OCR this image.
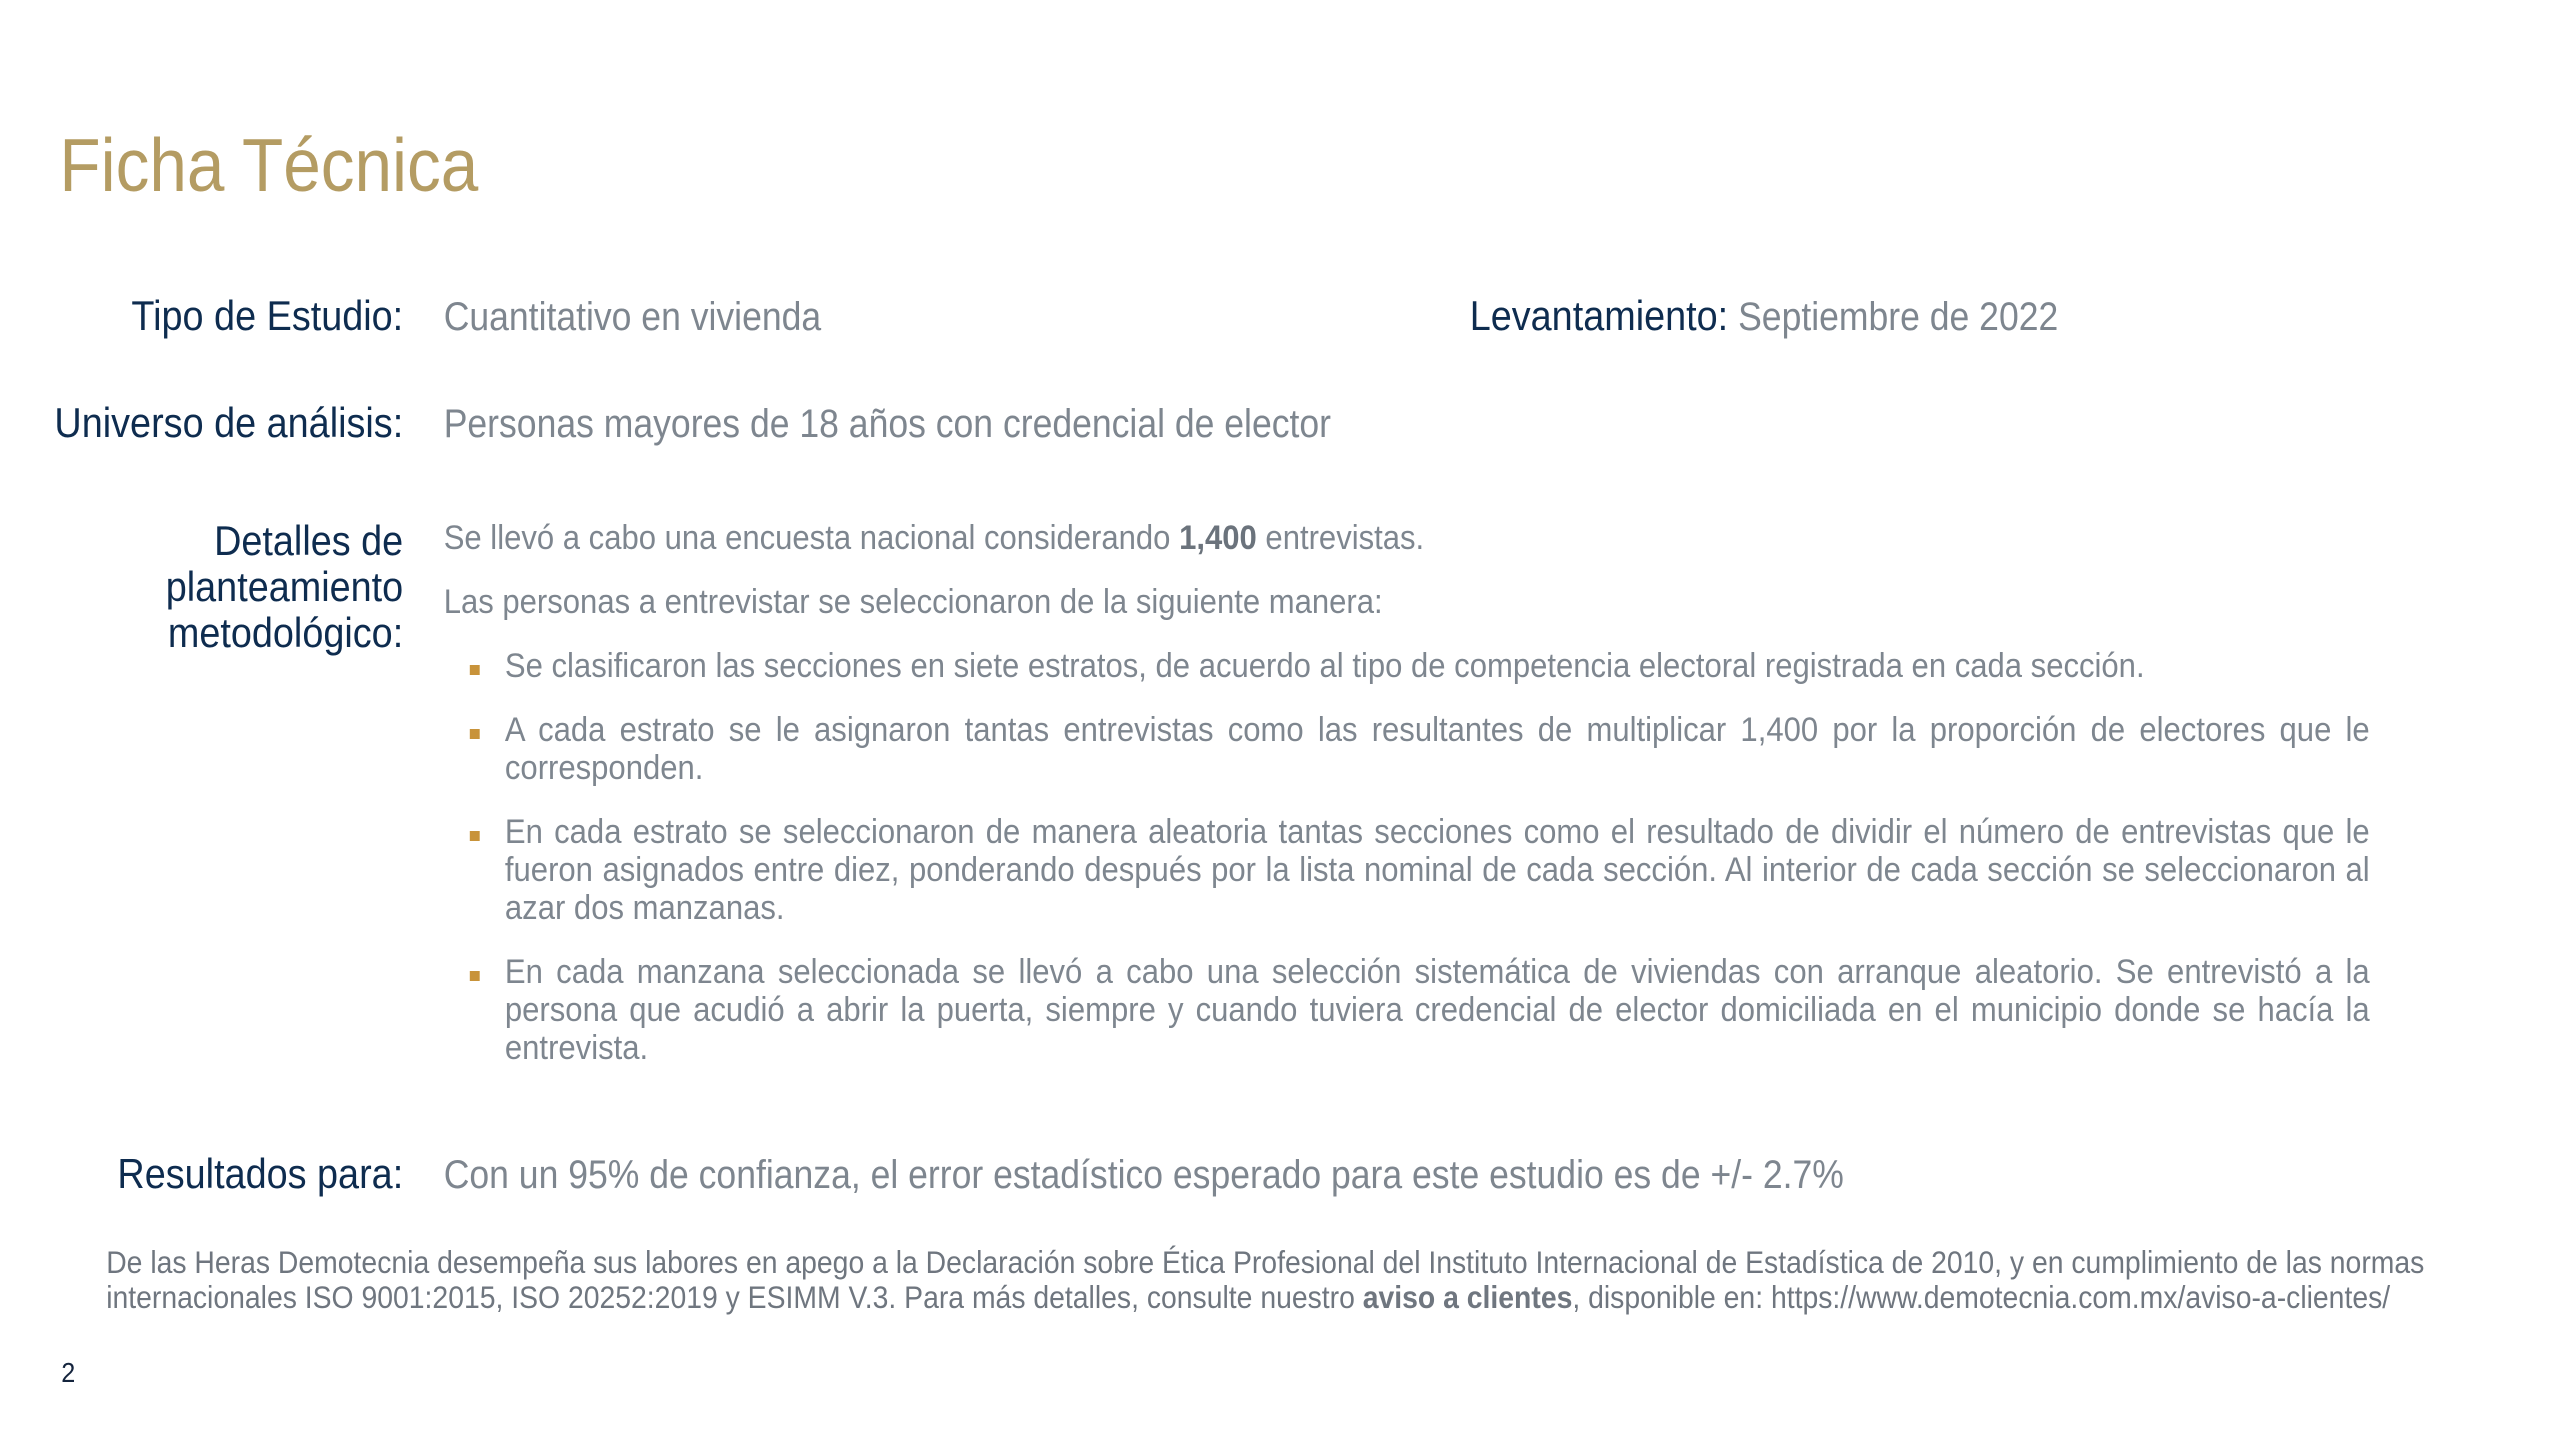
Ficha Técnica
Tipo de Estudio: Cuantitativo en vivienda	Levantamiento: Septiembre de 2022
Universo de análisis: Personas mayores de 18 años con credencial de elector
Detalles de planteamiento metodológico:

Se llevó a cabo una encuesta nacional considerando 1,400 entrevistas.

Las personas a entrevistar se seleccionaron de la siguiente manera:

Se clasificaron las secciones en siete estratos, de acuerdo al tipo de competencia electoral registrada en cada sección.
A cada estrato se le asignaron tantas entrevistas como las resultantes de multiplicar 1,400 por la proporción de electores que le corresponden.
En cada estrato se seleccionaron de manera aleatoria tantas secciones como el resultado de dividir el número de entrevistas que le fueron asignados entre diez, ponderando después por la lista nominal de cada sección. Al interior de cada sección se seleccionaron al azar dos manzanas.
En cada manzana seleccionada se llevó a cabo una selección sistemática de viviendas con arranque aleatorio. Se entrevistó a la persona que acudió a abrir la puerta, siempre y cuando tuviera credencial de elector domiciliada en el municipio donde se hacía la entrevista.
Resultados para: Con un 95% de confianza, el error estadístico esperado para este estudio es de +/- 2.7%

De las Heras Demotecnia desempeña sus labores en apego a la Declaración sobre Ética Profesional del Instituto Internacional de Estadística de 2010, y en cumplimiento de las normas internacionales ISO 9001:2015, ISO 20252:2019 y ESIMM V.3. Para más detalles, consulte nuestro aviso a clientes, disponible en: https://www.demotecnia.com.mx/aviso-a-clientes/

2
